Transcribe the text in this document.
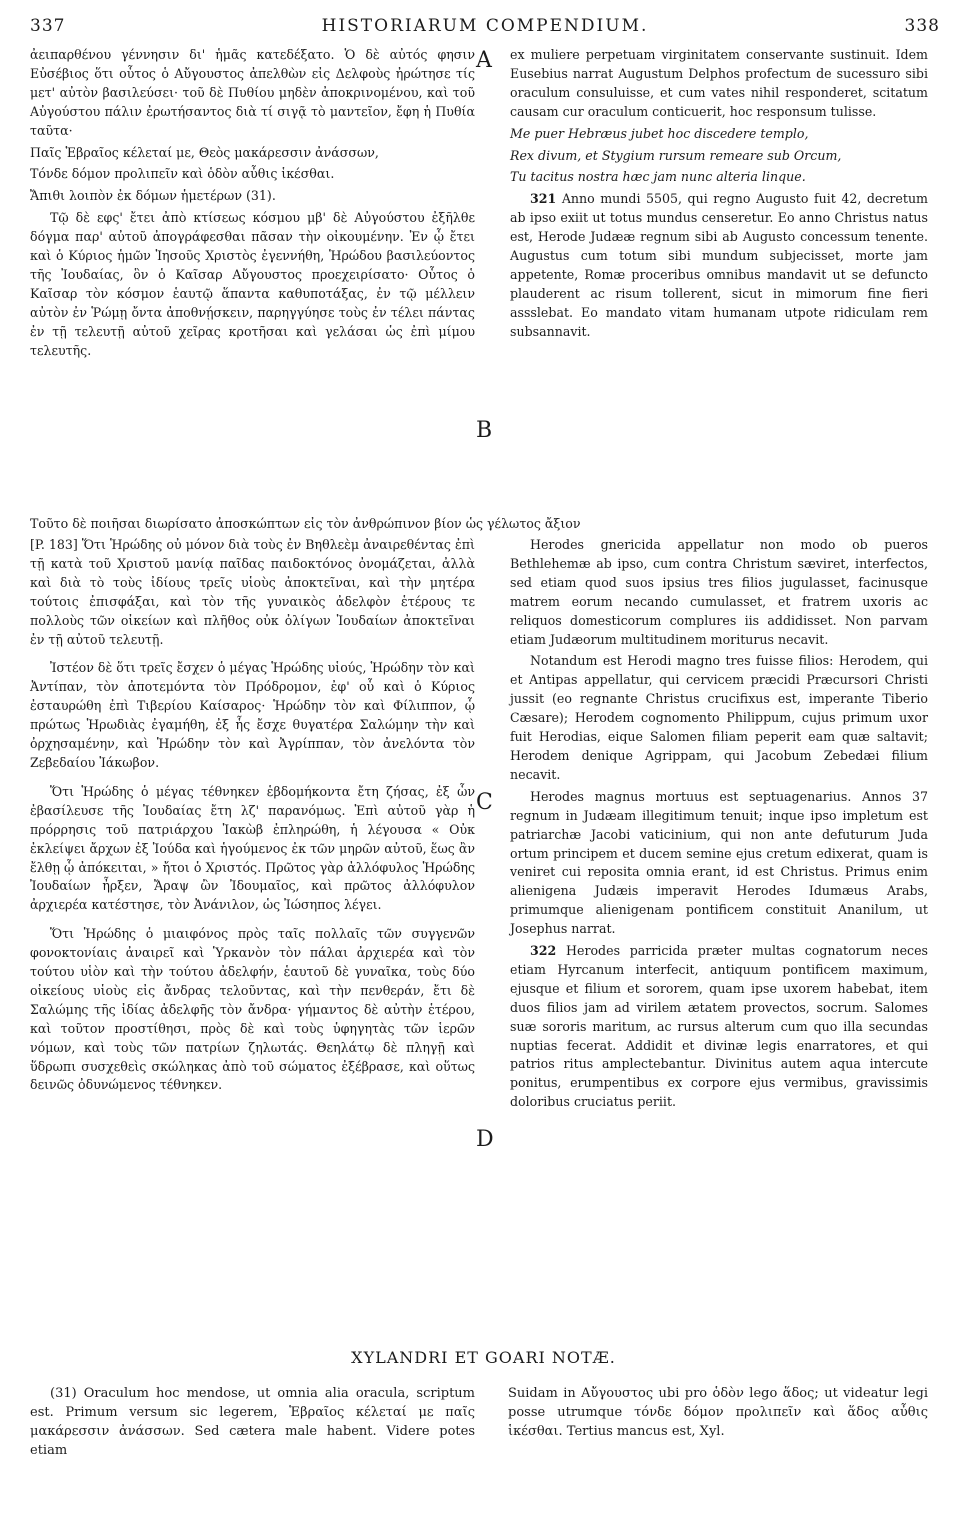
337	HISTORIARUM COMPENDIUM.	338
A
B
C
D

ἀειπαρθένου γέννησιν δι' ἡμᾶς κατεδέξατο. Ὁ δὲ αὐτός φησιν Εὐσέβιος ὅτι οὗτος ὁ Αὔγουστος ἀπελθὼν εἰς Δελφοὺς ἠρώτησε τίς μετ' αὐτὸν βασιλεύσει· τοῦ δὲ Πυθίου μηδὲν ἀποκρινομένου, καὶ τοῦ Αὐγούστου πάλιν ἐρωτήσαντος διὰ τί σιγᾷ τὸ μαντεῖον, ἔφη ἡ Πυθία ταῦτα·

Παῖς Ἑβραῖος κέλεταί με, Θεὸς μακάρεσσιν ἀνάσσων,

Τόνδε δόμον προλιπεῖν καὶ ὁδὸν αὖθις ἱκέσθαι.

Ἄπιθι λοιπὸν ἐκ δόμων ἡμετέρων (31).

Τῷ δὲ εφς' ἔτει ἀπὸ κτίσεως κόσμου μβ' δὲ Αὐγούστου ἐξῆλθε δόγμα παρ' αὐτοῦ ἀπογράφεσθαι πᾶσαν τὴν οἰκουμένην. Ἐν ᾧ ἔτει καὶ ὁ Κύριος ἡμῶν Ἰησοῦς Χριστὸς ἐγεννήθη, Ἡρώδου βασιλεύοντος τῆς Ἰουδαίας, ὃν ὁ Καῖσαρ Αὔγουστος προεχειρίσατο· Οὗτος ὁ Καῖσαρ τὸν κόσμον ἑαυτῷ ἅπαντα καθυποτάξας, ἐν τῷ μέλλειν αὐτὸν ἐν Ῥώμῃ ὄντα ἀποθνῄσκειν, παρηγγύησε τοὺς ἐν τέλει πάντας ἐν τῇ τελευτῇ αὐτοῦ χεῖρας κροτῆσαι καὶ γελάσαι ὡς ἐπὶ μίμου τελευτῆς.

ex muliere perpetuam virginitatem conservante sustinuit. Idem Eusebius narrat Augustum Delphos profectum de sucessuro sibi oraculum consuluisse, et cum vates nihil responderet, scitatum causam cur oraculum conticuerit, hoc responsum tulisse.

Me puer Hebræus jubet hoc discedere templo,

Rex divum, et Stygium rursum remeare sub Orcum,

Tu tacitus nostra hæc jam nunc alteria linque.

321 Anno mundi 5505, qui regno Augusto fuit 42, decretum ab ipso exiit ut totus mundus censeretur. Eo anno Christus natus est, Herode Judææ regnum sibi ab Augusto concessum tenente. Augustus cum totum sibi mundum subjecisset, morte jam appetente, Romæ proceribus omnibus mandavit ut se defuncto plauderent ac risum tollerent, sicut in mimorum fine fieri assslebat. Eo mandato vitam humanam utpote ridiculam rem subsannavit.

Τοῦτο δὲ ποιῆσαι διωρίσατο ἀποσκώπτων εἰς τὸν ἀνθρώπινον βίον ὡς γέλωτος ἄξιον

[P. 183] Ὅτι Ἡρώδης οὐ μόνον διὰ τοὺς ἐν Βηθλεὲμ ἀναιρεθέντας ἐπὶ τῇ κατὰ τοῦ Χριστοῦ μανίᾳ παῖδας παιδοκτόνος ὀνομάζεται, ἀλλὰ καὶ διὰ τὸ τοὺς ἰδίους τρεῖς υἱοὺς ἀποκτεῖναι, καὶ τὴν μητέρα τούτοις ἐπισφάξαι, καὶ τὸν τῆς γυναικὸς ἀδελφὸν ἑτέρους τε πολλοὺς τῶν οἰκείων καὶ πλῆθος οὐκ ὀλίγων Ἰουδαίων ἀποκτεῖναι ἐν τῇ αὐτοῦ τελευτῇ.

Ἰστέον δὲ ὅτι τρεῖς ἔσχεν ὁ μέγας Ἡρώδης υἱούς, Ἡρώδην τὸν καὶ Ἀντίπαν, τὸν ἀποτεμόντα τὸν Πρόδρομον, ἐφ' οὗ καὶ ὁ Κύριος ἐσταυρώθη ἐπὶ Τιβερίου Καίσαρος· Ἡρώδην τὸν καὶ Φίλιππον, ᾧ πρώτως Ἡρωδιὰς ἐγαμήθη, ἐξ ἧς ἔσχε θυγατέρα Σαλώμην τὴν καὶ ὀρχησαμένην, καὶ Ἡρώδην τὸν καὶ Ἀγρίππαν, τὸν ἀνελόντα τὸν Ζεβεδαίου Ἰάκωβον.

Ὅτι Ἡρώδης ὁ μέγας τέθνηκεν ἑβδομήκοντα ἔτη ζήσας, ἐξ ὧν ἐβασίλευσε τῆς Ἰουδαίας ἔτη λζ' παρανόμως. Ἐπὶ αὐτοῦ γὰρ ἡ πρόρρησις τοῦ πατριάρχου Ἰακὼβ ἐπληρώθη, ἡ λέγουσα « Οὐκ ἐκλείψει ἄρχων ἐξ Ἰούδα καὶ ἡγούμενος ἐκ τῶν μηρῶν αὐτοῦ, ἕως ἂν ἔλθῃ ᾧ ἀπόκειται, » ἤτοι ὁ Χριστός. Πρῶτος γὰρ ἀλλόφυλος Ἡρώδης Ἰουδαίων ἦρξεν, Ἄραψ ὢν Ἰδουμαῖος, καὶ πρῶτος ἀλλόφυλον ἀρχιερέα κατέστησε, τὸν Ἀνάνιλον, ὡς Ἰώσηπος λέγει.

Ὅτι Ἡρώδης ὁ μιαιφόνος πρὸς ταῖς πολλαῖς τῶν συγγενῶν φονοκτονίαις ἀναιρεῖ καὶ Ὑρκανὸν τὸν πάλαι ἀρχιερέα καὶ τὸν τούτου υἱὸν καὶ τὴν τούτου ἀδελφήν, ἑαυτοῦ δὲ γυναῖκα, τοὺς δύο οἰκείους υἱοὺς εἰς ἄνδρας τελοῦντας, καὶ τὴν πενθεράν, ἔτι δὲ Σαλώμης τῆς ἰδίας ἀδελφῆς τὸν ἄνδρα· γήμαντος δὲ αὐτὴν ἑτέρου, καὶ τοῦτον προστίθησι, πρὸς δὲ καὶ τοὺς ὑφηγητὰς τῶν ἱερῶν νόμων, καὶ τοὺς τῶν πατρίων ζηλωτάς. Θεηλάτῳ δὲ πληγῇ καὶ ὕδρωπι συσχεθεὶς σκώληκας ἀπὸ τοῦ σώματος ἐξέβρασε, καὶ οὕτως δεινῶς ὀδυνώμενος τέθνηκεν.

Herodes gnericida appellatur non modo ob pueros Bethlehemæ ab ipso, cum contra Christum sæviret, interfectos, sed etiam quod suos ipsius tres filios jugulasset, facinusque matrem eorum necando cumulasset, et fratrem uxoris ac reliquos domesticorum complures iis addidisset. Non parvam etiam Judæorum multitudinem moriturus necavit.

Notandum est Herodi magno tres fuisse filios: Herodem, qui et Antipas appellatur, qui cervicem præcidi Præcursori Christi jussit (eo regnante Christus crucifixus est, imperante Tiberio Cæsare); Herodem cognomento Philippum, cujus primum uxor fuit Herodias, eique Salomen filiam peperit eam quæ saltavit; Herodem denique Agrippam, qui Jacobum Zebedæi filium necavit.

Herodes magnus mortuus est septuagenarius. Annos 37 regnum in Judæam illegitimum tenuit; inque ipso impletum est patriarchæ Jacobi vaticinium, qui non ante defuturum Juda ortum principem et ducem semine ejus cretum edixerat, quam is veniret cui reposita omnia erant, id est Christus. Primus enim alienigena Judæis imperavit Herodes Idumæus Arabs, primumque alienigenam pontificem constituit Ananilum, ut Josephus narrat.

322 Herodes parricida præter multas cognatorum neces etiam Hyrcanum interfecit, antiquum pontificem maximum, ejusque et filium et sororem, quam ipse uxorem habebat, item duos filios jam ad virilem ætatem provectos, socrum. Salomes suæ sororis maritum, ac rursus alterum cum quo illa secundas nuptias fecerat. Addidit et divinæ legis enarratores, et qui patrios ritus amplectebantur. Divinitus autem aqua intercute ponitus, erumpentibus ex corpore ejus vermibus, gravissimis doloribus cruciatus periit.

XYLANDRI ET GOARI NOTÆ.

(31) Oraculum hoc mendose, ut omnia alia oracula, scriptum est. Primum versum sic legerem, Ἑβραῖος κέλεταί με παῖς μακάρεσσιν ἀνάσσων. Sed cætera male habent. Videre potes etiam

Suidam in Αὔγουστος ubi pro ὁδὸν lego ἅδος; ut videatur legi posse utrumque τόνδε δόμον προλιπεῖν καὶ ἅδος αὖθις ἱκέσθαι. Tertius mancus est, Xyl.
